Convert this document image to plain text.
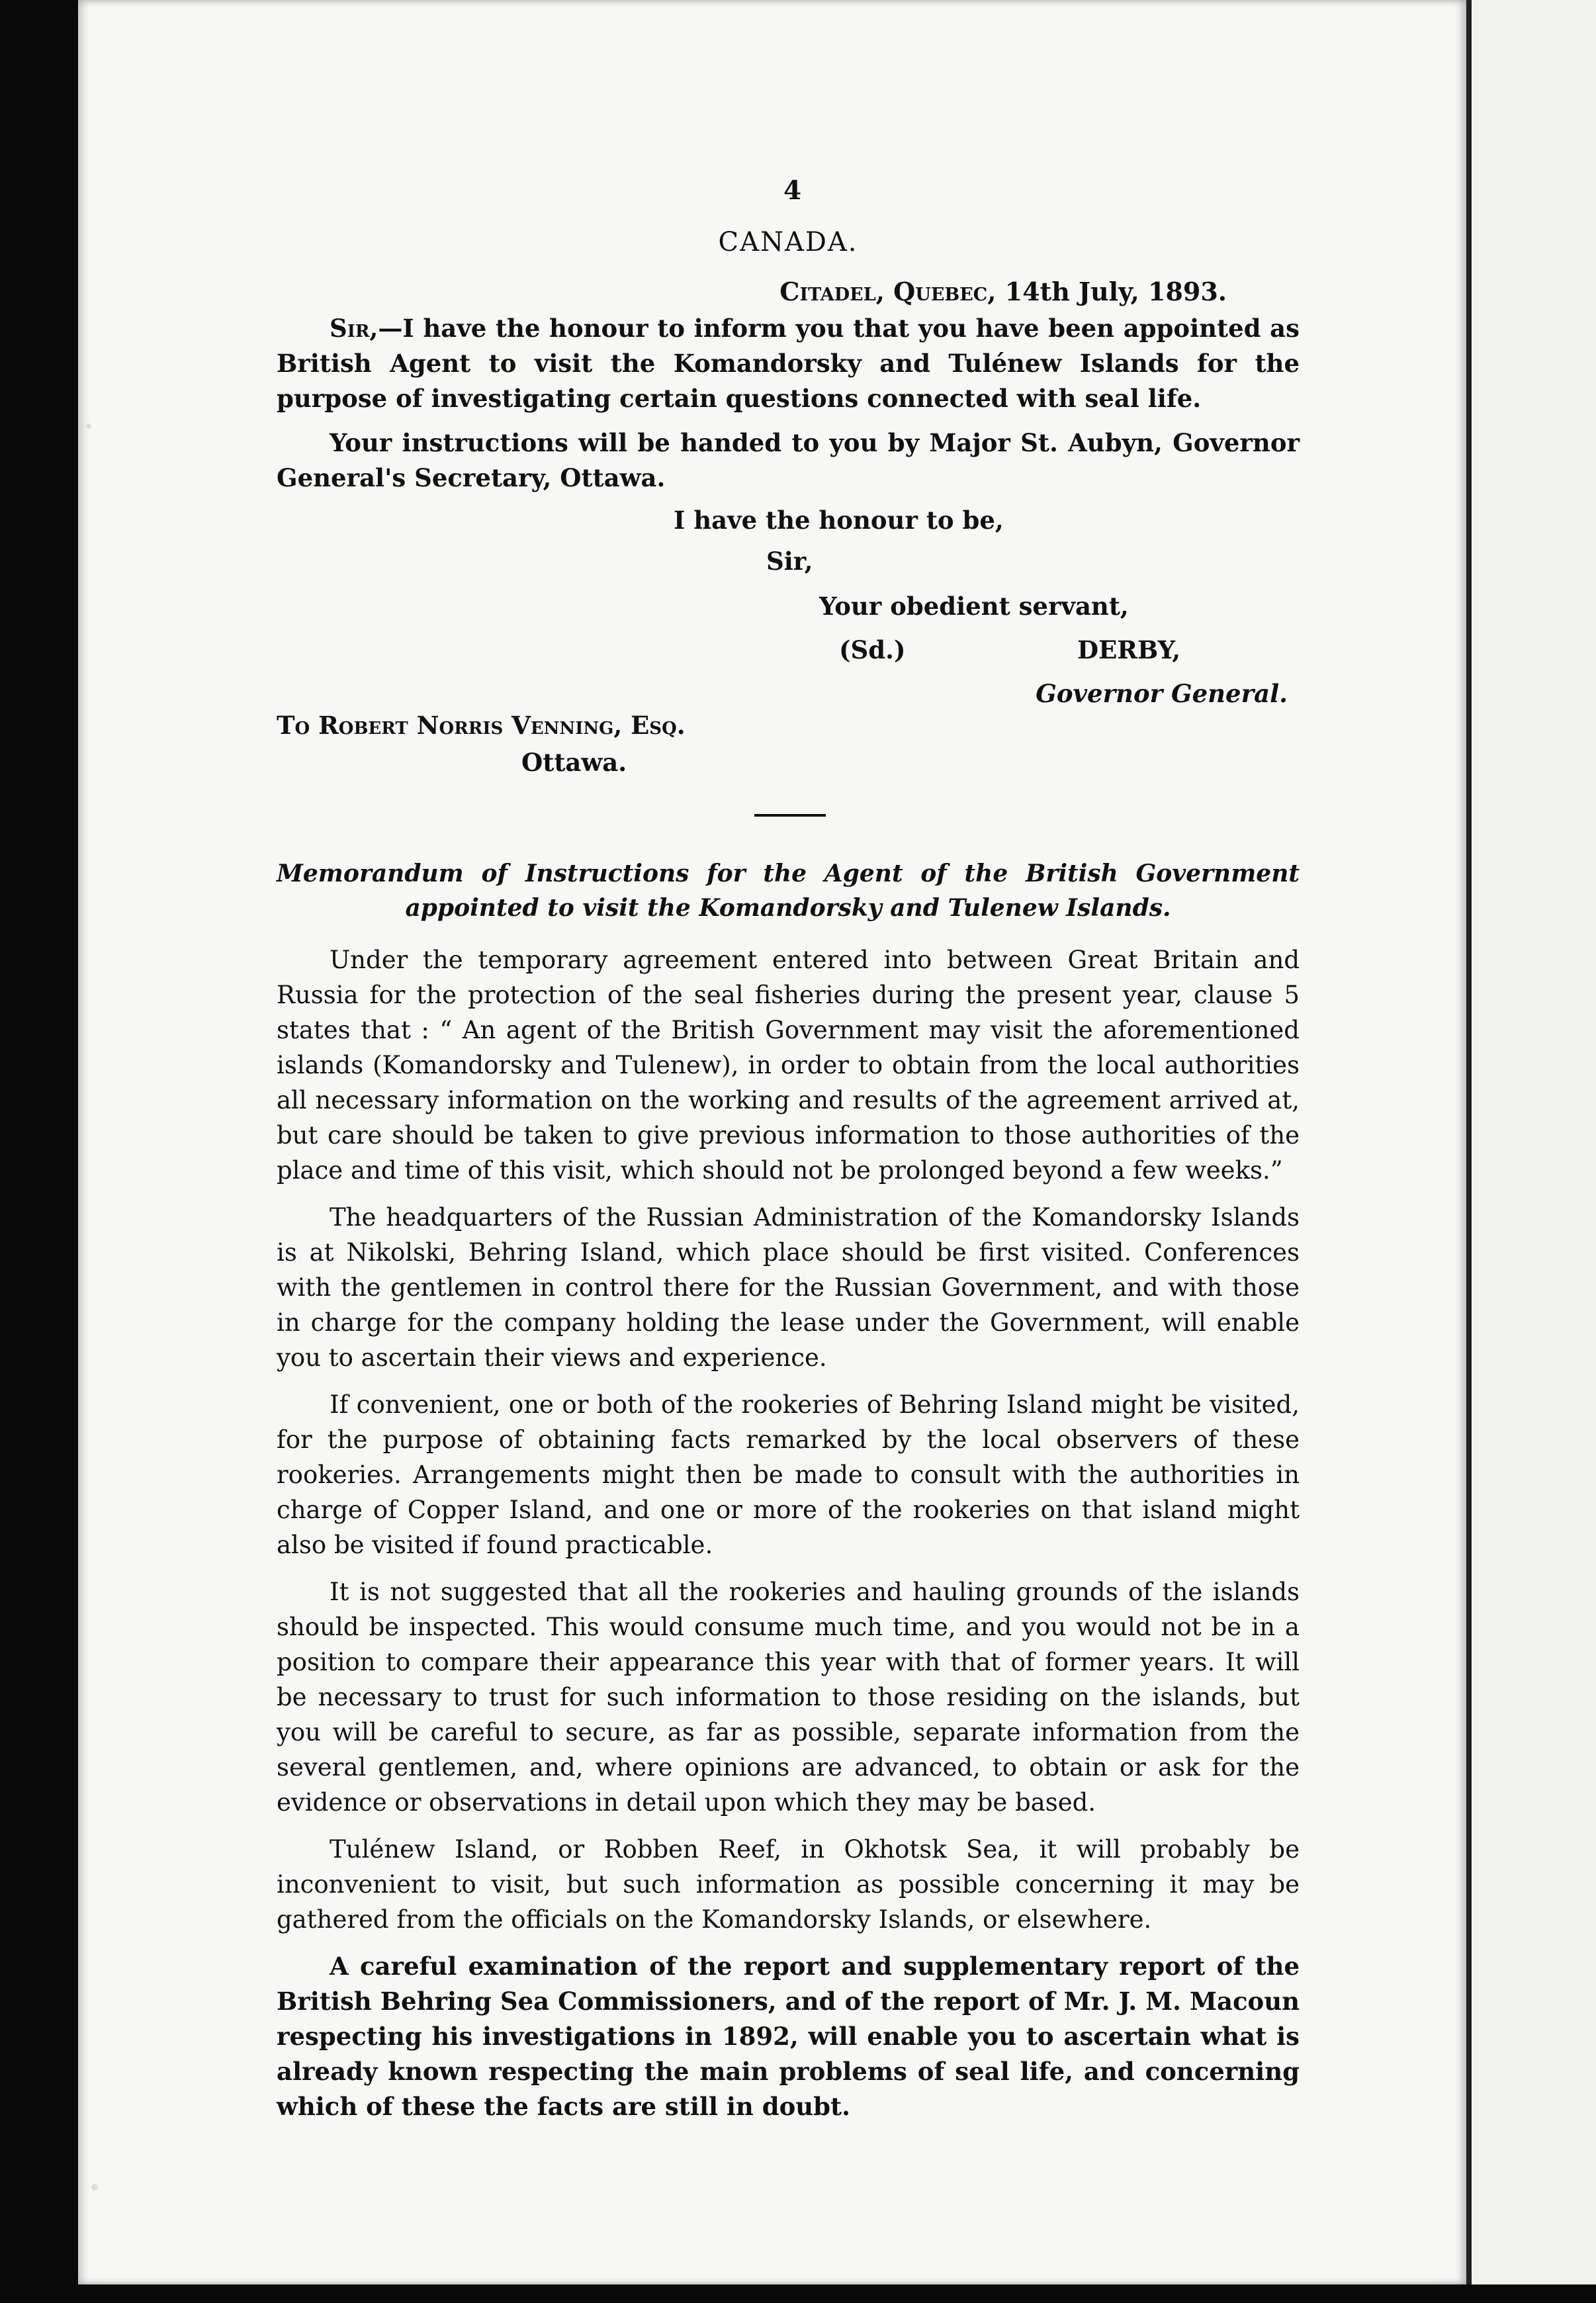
4
CANADA.
Citadel, Quebec, 14th July, 1893.

Sir,—I have the honour to inform you that you have been appointed as British Agent to visit the Komandorsky and Tulénew Islands for the purpose of investigating certain questions connected with seal life.

Your instructions will be handed to you by Major St. Aubyn, Governor General's Secretary, Ottawa.

I have the honour to be,
Sir,
Your obedient servant,
(Sd.)	DERBY,
Governor General.
To Robert Norris Venning, Esq.
Ottawa.
Memorandum of Instructions for the Agent of the British Government appointed to visit the Komandorsky and Tulenew Islands.

Under the temporary agreement entered into between Great Britain and Russia for the protection of the seal fisheries during the present year, clause 5 states that : “ An agent of the British Government may visit the aforementioned islands (Komandorsky and Tulenew), in order to obtain from the local authorities all necessary information on the working and results of the agreement arrived at, but care should be taken to give previous information to those authorities of the place and time of this visit, which should not be prolonged beyond a few weeks.”

The headquarters of the Russian Administration of the Komandorsky Islands is at Nikolski, Behring Island, which place should be first visited. Conferences with the gentlemen in control there for the Russian Government, and with those in charge for the company holding the lease under the Government, will enable you to ascertain their views and experience.

If convenient, one or both of the rookeries of Behring Island might be visited, for the purpose of obtaining facts remarked by the local observers of these rookeries. Arrangements might then be made to consult with the authorities in charge of Copper Island, and one or more of the rookeries on that island might also be visited if found practicable.

It is not suggested that all the rookeries and hauling grounds of the islands should be inspected. This would consume much time, and you would not be in a position to compare their appearance this year with that of former years. It will be necessary to trust for such information to those residing on the islands, but you will be careful to secure, as far as possible, separate information from the several gentlemen, and, where opinions are advanced, to obtain or ask for the evidence or observations in detail upon which they may be based.

Tulénew Island, or Robben Reef, in Okhotsk Sea, it will probably be inconvenient to visit, but such information as possible concerning it may be gathered from the officials on the Komandorsky Islands, or elsewhere.

A careful examination of the report and supplementary report of the British Behring Sea Commissioners, and of the report of Mr. J. M. Macoun respecting his investigations in 1892, will enable you to ascertain what is already known respecting the main problems of seal life, and concerning which of these the facts are still in doubt.
